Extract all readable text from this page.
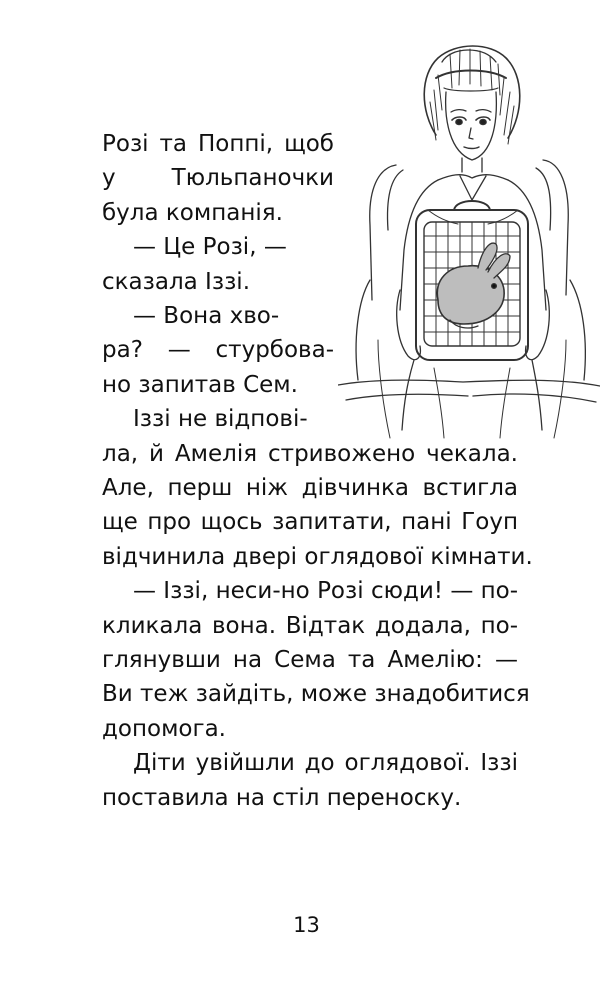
Розі та Поппі, щоб
у Тюльпаночки
була компанія.
— Це Розі, —
сказала Іззі.
— Вона хво-
ра? — стурбова-
но запитав Сем.
Іззі не відпові-
ла, й Амелія стривожено чекала.
Але, перш ніж дівчинка встигла
ще про щось запитати, пані Гоуп
відчинила двері оглядової кімнати.
— Іззі, неси-но Розі сюди! — по-
кликала вона. Відтак додала, по-
глянувши на Сема та Амелію: —
Ви теж зайдіть, може знадобитися
допомога.
Діти увійшли до оглядової. Іззі
поставила на стіл переноску.
13
